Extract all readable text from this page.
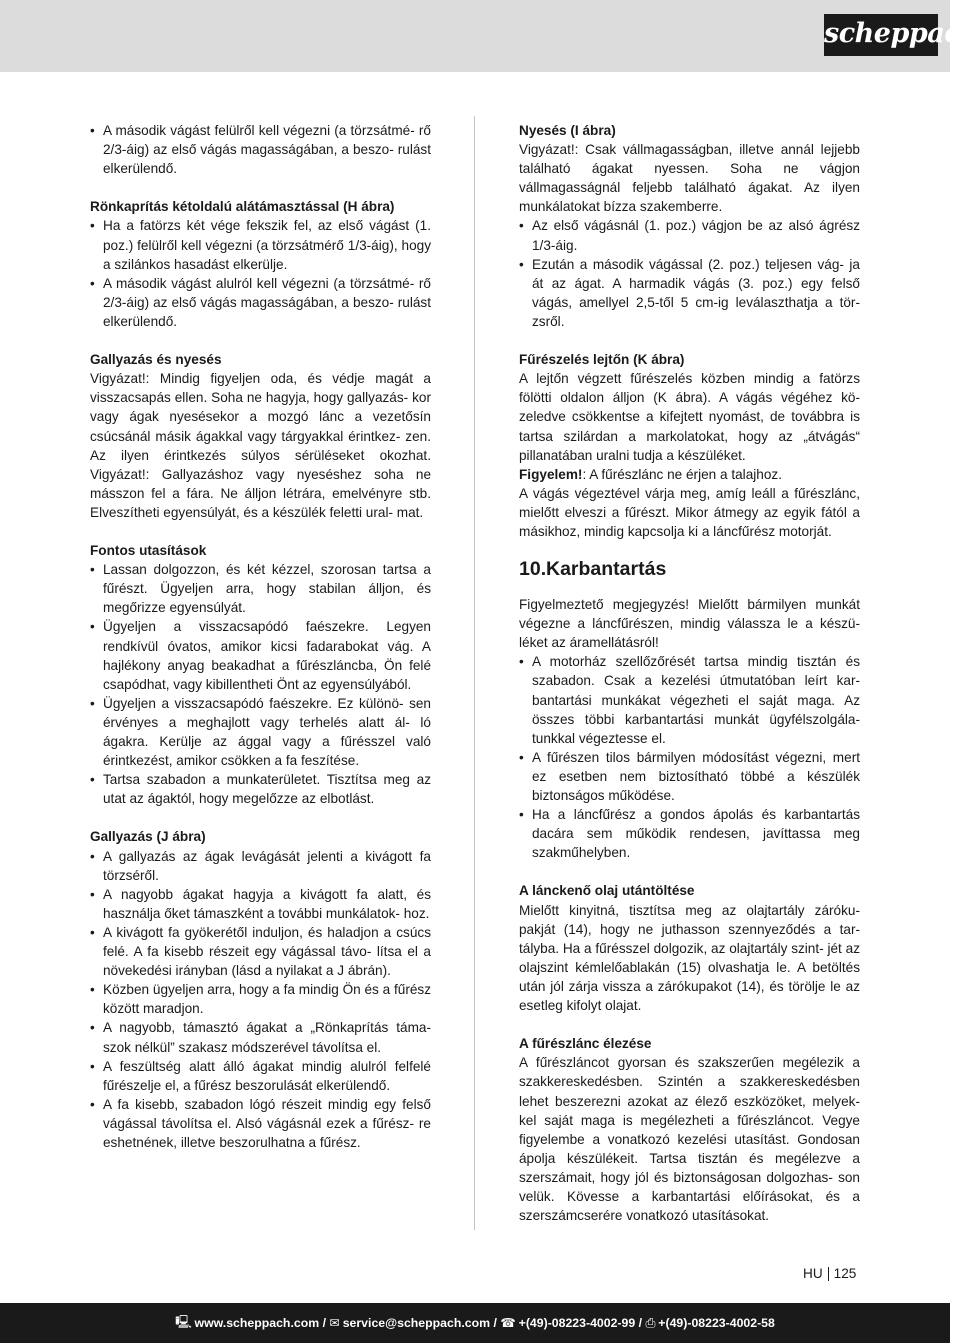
scheppach
• A második vágást felülről kell végezni (a törzsátmé- rő 2/3-áig) az első vágás magasságában, a beszo- rulást elkerülendő.
Rönkaprítás kétoldalú alátámasztással (H ábra)
• Ha a fatörzs két vége fekszik fel, az első vágást (1. poz.) felülről kell végezni (a törzsátmérő 1/3-áig), hogy a szilánkos hasadást elkerülje.
• A második vágást alulról kell végezni (a törzsátmé- rő 2/3-áig) az első vágás magasságában, a beszo- rulást elkerülendő.
Gallyazás és nyesés
Vigyázat!: Mindig figyeljen oda, és védje magát a visszacsapás ellen. Soha ne hagyja, hogy gallyazás- kor vagy ágak nyesésekor a mozgó lánc a vezetősín csúcsánál másik ágakkal vagy tárgyakkal érintkez- zen. Az ilyen érintkezés súlyos sérüléseket okozhat. Vigyázat!: Gallyazáshoz vagy nyeséshez soha ne másszon fel a fára. Ne álljon létrára, emelvényre stb. Elveszítheti egyensúlyát, és a készülék feletti ural- mat.
Fontos utasítások
• Lassan dolgozzon, és két kézzel, szorosan tartsa a fűrészt. Ügyeljen arra, hogy stabilan álljon, és megőrizze egyensúlyát.
• Ügyeljen a visszacsapódó faészekre. Legyen rendkívül óvatos, amikor kicsi fadarabokat vág. A hajlékony anyag beakadhat a fűrészláncba, Ön felé csapódhat, vagy kibillentheti Önt az egyensúlyából.
• Ügyeljen a visszacsapódó faészekre. Ez különö- sen érvényes a meghajlott vagy terhelés alatt ál- ló ágakra. Kerülje az ággal vagy a fűrésszel való érintkezést, amikor csökken a fa feszítése.
• Tartsa szabadon a munkaterületet. Tisztítsa meg az utat az ágaktól, hogy megelőzze az elbotlást.
Gallyazás (J ábra)
• A gallyazás az ágak levágását jelenti a kivágott fa törzséről.
• A nagyobb ágakat hagyja a kivágott fa alatt, és használja őket támaszként a további munkálatok- hoz.
• A kivágott fa gyökerétől induljon, és haladjon a csúcs felé. A fa kisebb részeit egy vágással távo- lítsa el a növekedési irányban (lásd a nyilakat a J ábrán).
• Közben ügyeljen arra, hogy a fa mindig Ön és a fűrész között maradjon.
• A nagyobb, támasztó ágakat a „Rönkaprítás táma- szok nélkül” szakasz módszerével távolítsa el.
• A feszültség alatt álló ágakat mindig alulról felfelé fűrészelje el, a fűrész beszorulását elkerülendő.
• A fa kisebb, szabadon lógó részeit mindig egy felső vágással távolítsa el. Alsó vágásnál ezek a fűrész- re eshetnének, illetve beszorulhatna a fűrész.
Nyesés (I ábra)
Vigyázat!: Csak vállmagasságban, illetve annál lejjebb található ágakat nyessen. Soha ne vágjon vállmagasságnál feljebb található ágakat. Az ilyen munkálatokat bízza szakemberre.
• Az első vágásnál (1. poz.) vágjon be az alsó ágrész 1/3-áig.
• Ezután a második vágással (2. poz.) teljesen vág- ja át az ágat. A harmadik vágás (3. poz.) egy felső vágás, amellyel 2,5-től 5 cm-ig leválaszthatja a tör- zsről.
Fűrészelés lejtőn (K ábra)
A lejtőn végzett fűrészelés közben mindig a fatörzs fölötti oldalon álljon (K ábra). A vágás végéhez kö- zeledve csökkentse a kifejtett nyomást, de továbbra is tartsa szilárdan a markolatokat, hogy az „átvágás“ pillanatában uralni tudja a készüléket.
Figyelem!: A fűrészlánc ne érjen a talajhoz.
A vágás végeztével várja meg, amíg leáll a fűrészlánc, mielőtt elveszi a fűrészt. Mikor átmegy az egyik fától a másikhoz, mindig kapcsolja ki a láncfűrész motorját.
10. Karbantartás
Figyelmeztető megjegyzés! Mielőtt bármilyen munkát végezne a láncfűrészen, mindig válassza le a készü- léket az áramellátásról!
• A motorház szellőzőrését tartsa mindig tisztán és szabadon. Csak a kezelési útmutatóban leírt kar- bantartási munkákat végezheti el saját maga. Az összes többi karbantartási munkát ügyfélszolgála- tunkkal végeztesse el.
• A fűrészen tilos bármilyen módosítást végezni, mert ez esetben nem biztosítható többé a készülék biztonságos működése.
• Ha a láncfűrész a gondos ápolás és karbantartás dacára sem működik rendesen, javíttassa meg szakműhelyben.
A lánckenő olaj utántöltése
Mielőtt kinyitná, tisztítsa meg az olajtartály záróku- pakját (14), hogy ne juthasson szennyeződés a tar- tályba. Ha a fűrésszel dolgozik, az olajtartály szint- jét az olajszint kémlelőablakán (15) olvashatja le. A betöltés után jól zárja vissza a zárókupakot (14), és törölje le az esetleg kifolyt olajat.
A fűrészlánc élezése
A fűrészláncot gyorsan és szakszerűen megélezik a szakkereskedésben. Szintén a szakkereskedésben lehet beszerezni azokat az élező eszközöket, melyek- kel saját maga is megélezheti a fűrészláncot. Vegye figyelembe a vonatkozó kezelési utasítást. Gondosan ápolja készülékeit. Tartsa tisztán és megélezve a szerszámait, hogy jól és biztonságosan dolgozhas- son velük. Kövesse a karbantartási előírásokat, és a szerszámcserére vonatkozó utasításokat.
HU 125
🖳 www.scheppach.com / ✉ service@scheppach.com / ☎ +(49)-08223-4002-99 / ⎙ +(49)-08223-4002-58
